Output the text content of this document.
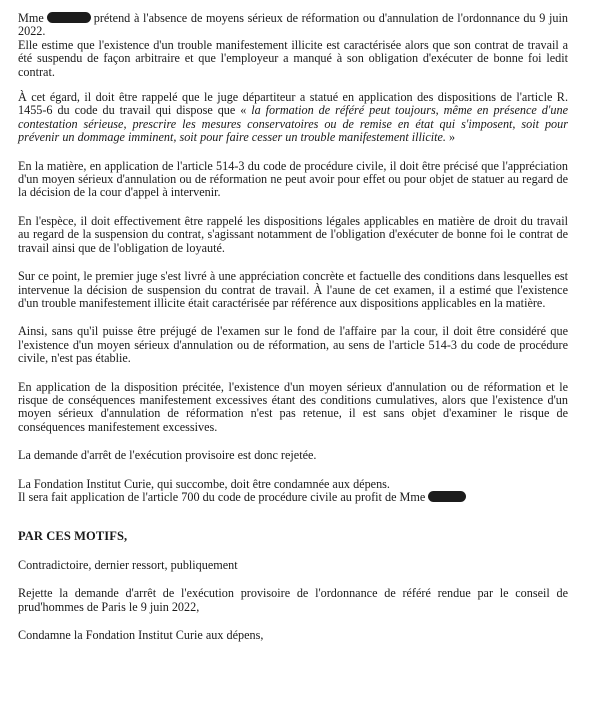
Mme	prétend à l'absence de moyens sérieux de réformation ou d'annulation de l'ordonnance du 9 juin 2022.
Elle estime que l'existence d'un trouble manifestement illicite est caractérisée alors que son contrat de travail a été suspendu de façon arbitraire et que l'employeur a manqué à son obligation d'exécuter de bonne foi ledit contrat.

À cet égard, il doit être rappelé que le juge départiteur a statué en application des dispositions de l'article R. 1455-6 du code du travail qui dispose que « la formation de référé peut toujours, même en présence d'une contestation sérieuse, prescrire les mesures conservatoires ou de remise en état qui s'imposent, soit pour prévenir un dommage imminent, soit pour faire cesser un trouble manifestement illicite. »

En la matière, en application de l'article 514-3 du code de procédure civile, il doit être précisé que l'appréciation d'un moyen sérieux d'annulation ou de réformation ne peut avoir pour effet ou pour objet de statuer au regard de la décision de la cour d'appel à intervenir.

En l'espèce, il doit effectivement être rappelé les dispositions légales applicables en matière de droit du travail au regard de la suspension du contrat, s'agissant notamment de l'obligation d'exécuter de bonne foi le contrat de travail ainsi que de l'obligation de loyauté.

Sur ce point, le premier juge s'est livré à une appréciation concrète et factuelle des conditions dans lesquelles est intervenue la décision de suspension du contrat de travail. À l'aune de cet examen, il a estimé que l'existence d'un trouble manifestement illicite était caractérisée par référence aux dispositions applicables en la matière.

Ainsi, sans qu'il puisse être préjugé de l'examen sur le fond de l'affaire par la cour, il doit être considéré que l'existence d'un moyen sérieux d'annulation ou de réformation, au sens de l'article 514-3 du code de procédure civile, n'est pas établie.

En application de la disposition précitée, l'existence d'un moyen sérieux d'annulation ou de réformation et le risque de conséquences manifestement excessives étant des conditions cumulatives, alors que l'existence d'un moyen sérieux d'annulation de réformation n'est pas retenue, il est sans objet d'examiner le risque de conséquences manifestement excessives.

La demande d'arrêt de l'exécution provisoire est donc rejetée.

La Fondation Institut Curie, qui succombe, doit être condamnée aux dépens.
Il sera fait application de l'article 700 du code de procédure civile au profit de Mme

PAR CES MOTIFS,

Contradictoire, dernier ressort, publiquement

Rejette la demande d'arrêt de l'exécution provisoire de l'ordonnance de référé rendue par le conseil de prud'hommes de Paris le 9 juin 2022,

Condamne la Fondation Institut Curie aux dépens,
